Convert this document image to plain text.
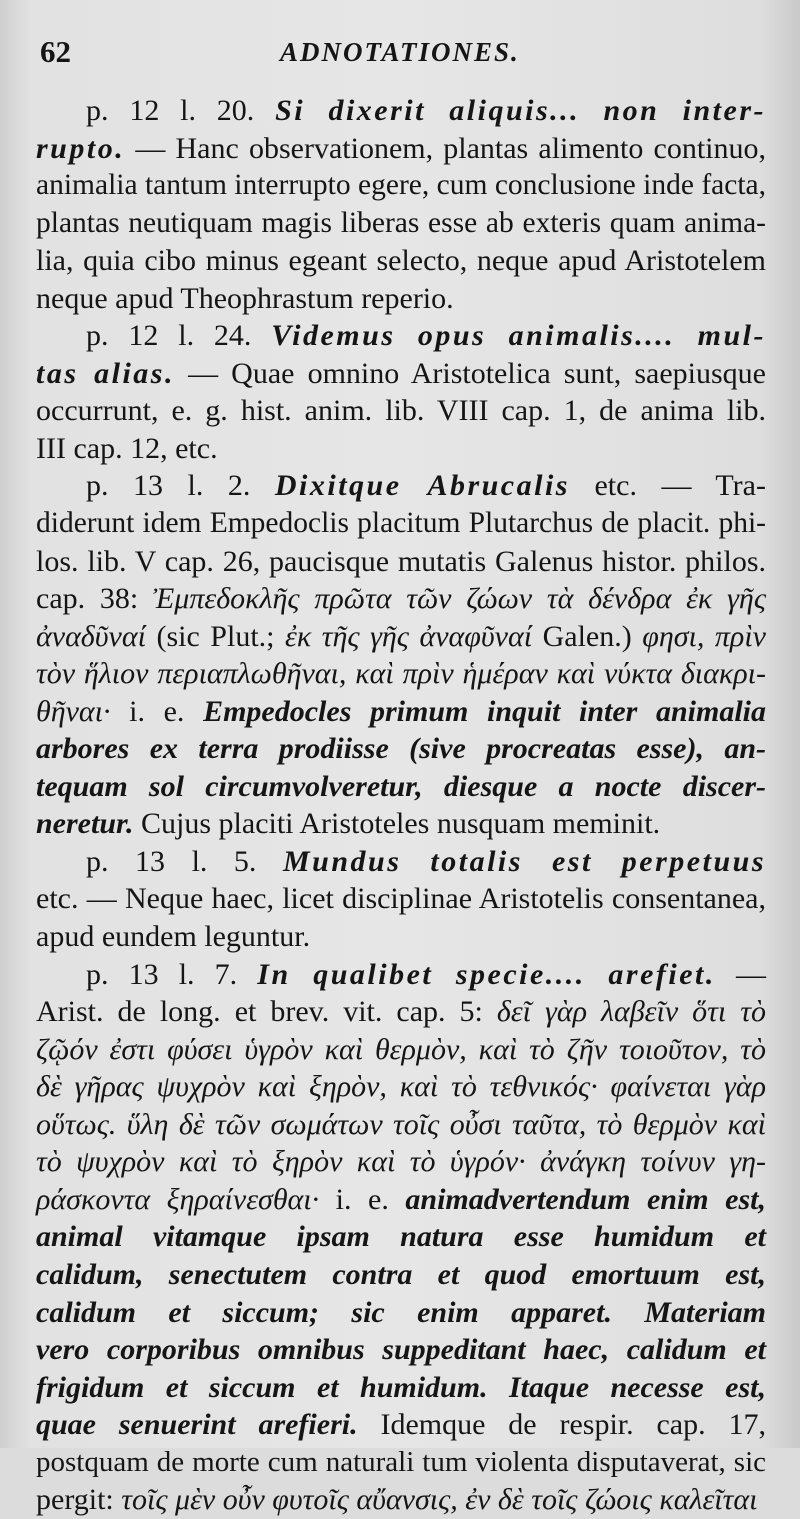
62	ADNOTATIONES.
p. 12 l. 20. Si dixerit aliquis... non inter-
rupto. — Hanc observationem, plantas alimento continuo,
animalia tantum interrupto egere, cum conclusione inde facta,
plantas neutiquam magis liberas esse ab exteris quam anima-
lia, quia cibo minus egeant selecto, neque apud Aristotelem
neque apud Theophrastum reperio.
p. 12 l. 24. Videmus opus animalis.... mul-
tas alias. — Quae omnino Aristotelica sunt, saepiusque
occurrunt, e. g. hist. anim. lib. VIII cap. 1, de anima lib.
III cap. 12, etc.
p. 13 l. 2. Dixitque Abrucalis etc. — Tra-
diderunt idem Empedoclis placitum Plutarchus de placit. phi-
los. lib. V cap. 26, paucisque mutatis Galenus histor. philos.
cap. 38: Ἐμπεδοκλῆς πρῶτα τῶν ζώων τὰ δένδρα ἐκ γῆς
ἀναδῦναί (sic Plut.; ἐκ τῆς γῆς ἀναφῦναί Galen.) φησι, πρὶν
τὸν ἥλιον περιαπλωθῆναι, καὶ πρὶν ἡμέραν καὶ νύκτα διακρι-
θῆναι· i. e. Empedocles primum inquit inter animalia
arbores ex terra prodiisse (sive procreatas esse), an-
tequam sol circumvolveretur, diesque a nocte discer-
neretur. Cujus placiti Aristoteles nusquam meminit.
p. 13 l. 5. Mundus totalis est perpetuus
etc. — Neque haec, licet disciplinae Aristotelis consentanea,
apud eundem leguntur.
p. 13 l. 7. In qualibet specie.... arefiet. —
Arist. de long. et brev. vit. cap. 5: δεῖ γὰρ λαβεῖν ὅτι τὸ
ζῷόν ἐστι φύσει ὑγρὸν καὶ θερμὸν, καὶ τὸ ζῆν τοιοῦτον, τὸ
δὲ γῆρας ψυχρὸν καὶ ξηρὸν, καὶ τὸ τεθνικός· φαίνεται γὰρ
οὕτως. ὕλη δὲ τῶν σωμάτων τοῖς οὖσι ταῦτα, τὸ θερμὸν καὶ
τὸ ψυχρὸν καὶ τὸ ξηρὸν καὶ τὸ ὑγρόν· ἀνάγκη τοίνυν γη-
ράσκοντα ξηραίνεσθαι· i. e. animadvertendum enim est,
animal vitamque ipsam natura esse humidum et
calidum, senectutem contra et quod emortuum est,
calidum et siccum; sic enim apparet. Materiam
vero corporibus omnibus suppeditant haec, calidum et
frigidum et siccum et humidum. Itaque necesse est,
quae senuerint arefieri. Idemque de respir. cap. 17,
postquam de morte cum naturali tum violenta disputaverat, sic
pergit: τοῖς μὲν οὖν φυτοῖς αὔανσις, ἐν δὲ τοῖς ζώοις καλεῖται
